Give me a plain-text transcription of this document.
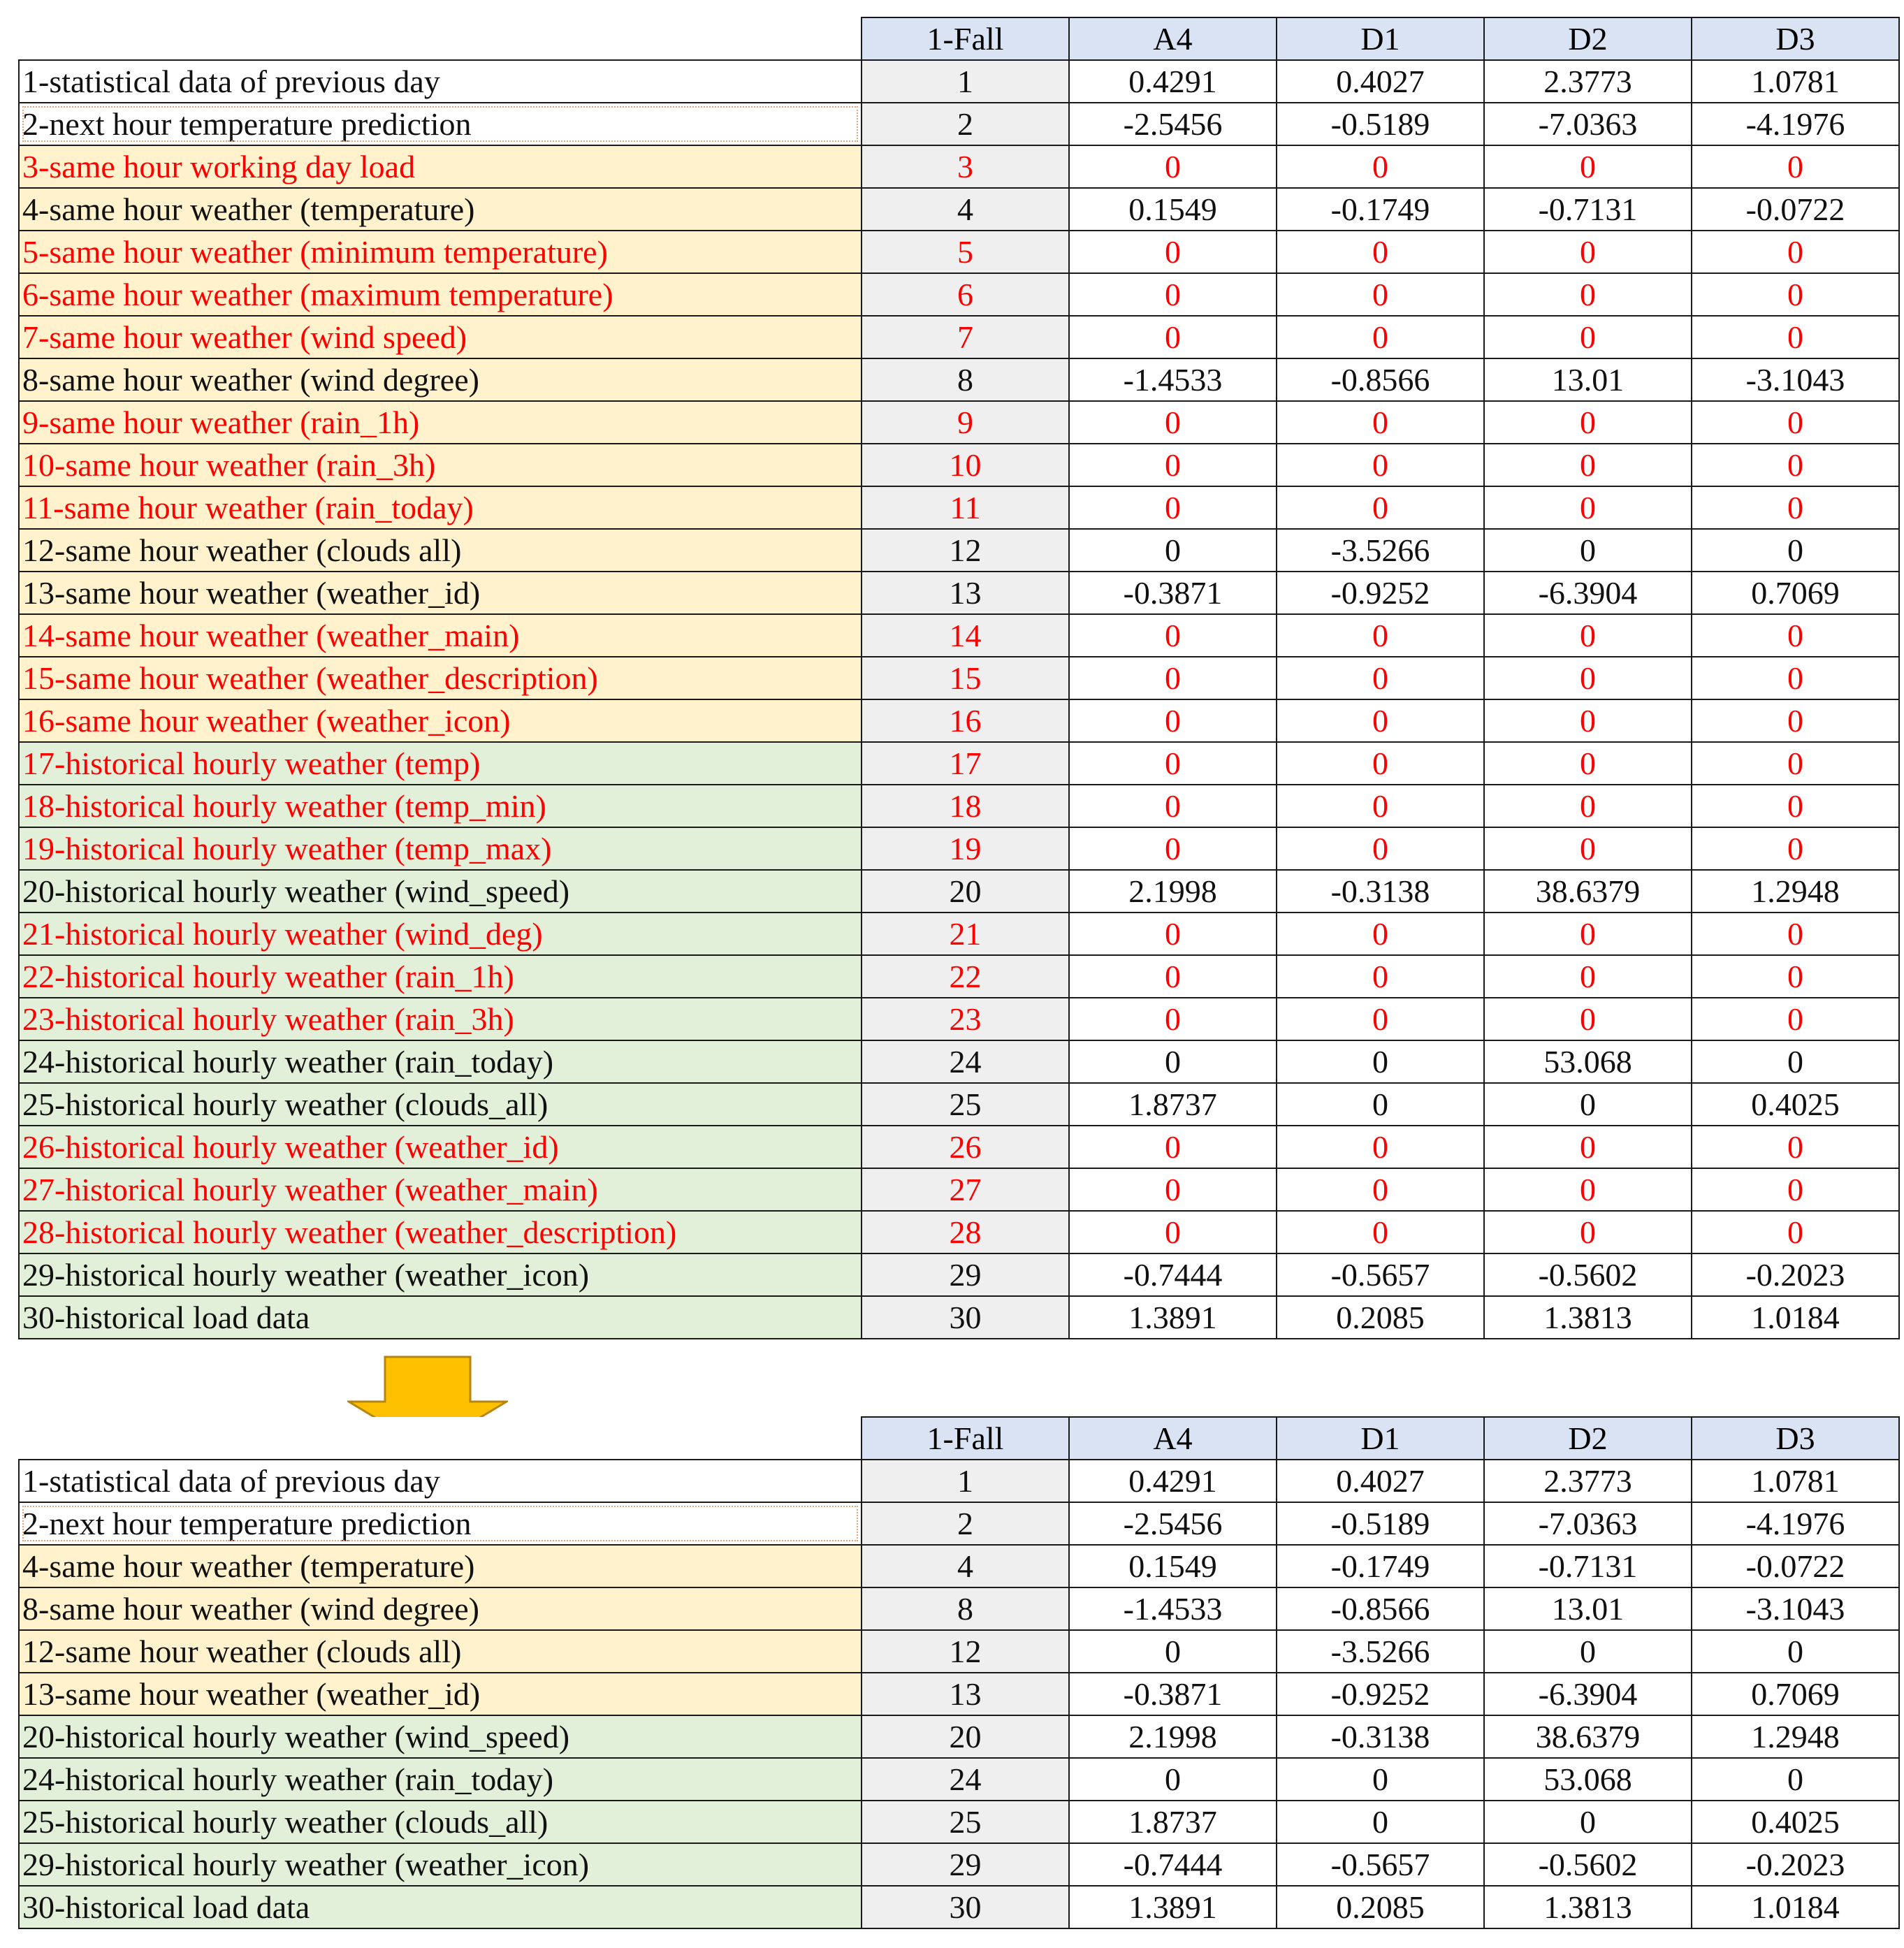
	1-Fall	A4	D1	D2	D3
1-statistical data of previous day	1	0.4291	0.4027	2.3773	1.0781
2-next hour temperature prediction	2	-2.5456	-0.5189	-7.0363	-4.1976
3-same hour working day load	3	0	0	0	0
4-same hour weather (temperature)	4	0.1549	-0.1749	-0.7131	-0.0722
5-same hour weather (minimum temperature)	5	0	0	0	0
6-same hour weather (maximum temperature)	6	0	0	0	0
7-same hour weather (wind speed)	7	0	0	0	0
8-same hour weather (wind degree)	8	-1.4533	-0.8566	13.01	-3.1043
9-same hour weather (rain_1h)	9	0	0	0	0
10-same hour weather (rain_3h)	10	0	0	0	0
11-same hour weather (rain_today)	11	0	0	0	0
12-same hour weather (clouds all)	12	0	-3.5266	0	0
13-same hour weather (weather_id)	13	-0.3871	-0.9252	-6.3904	0.7069
14-same hour weather (weather_main)	14	0	0	0	0
15-same hour weather (weather_description)	15	0	0	0	0
16-same hour weather (weather_icon)	16	0	0	0	0
17-historical hourly weather (temp)	17	0	0	0	0
18-historical hourly weather (temp_min)	18	0	0	0	0
19-historical hourly weather (temp_max)	19	0	0	0	0
20-historical hourly weather (wind_speed)	20	2.1998	-0.3138	38.6379	1.2948
21-historical hourly weather (wind_deg)	21	0	0	0	0
22-historical hourly weather (rain_1h)	22	0	0	0	0
23-historical hourly weather (rain_3h)	23	0	0	0	0
24-historical hourly weather (rain_today)	24	0	0	53.068	0
25-historical hourly weather (clouds_all)	25	1.8737	0	0	0.4025
26-historical hourly weather (weather_id)	26	0	0	0	0
27-historical hourly weather (weather_main)	27	0	0	0	0
28-historical hourly weather (weather_description)	28	0	0	0	0
29-historical hourly weather (weather_icon)	29	-0.7444	-0.5657	-0.5602	-0.2023
30-historical load data	30	1.3891	0.2085	1.3813	1.0184
	1-Fall	A4	D1	D2	D3
1-statistical data of previous day	1	0.4291	0.4027	2.3773	1.0781
2-next hour temperature prediction	2	-2.5456	-0.5189	-7.0363	-4.1976
4-same hour weather (temperature)	4	0.1549	-0.1749	-0.7131	-0.0722
8-same hour weather (wind degree)	8	-1.4533	-0.8566	13.01	-3.1043
12-same hour weather (clouds all)	12	0	-3.5266	0	0
13-same hour weather (weather_id)	13	-0.3871	-0.9252	-6.3904	0.7069
20-historical hourly weather (wind_speed)	20	2.1998	-0.3138	38.6379	1.2948
24-historical hourly weather (rain_today)	24	0	0	53.068	0
25-historical hourly weather (clouds_all)	25	1.8737	0	0	0.4025
29-historical hourly weather (weather_icon)	29	-0.7444	-0.5657	-0.5602	-0.2023
30-historical load data	30	1.3891	0.2085	1.3813	1.0184
